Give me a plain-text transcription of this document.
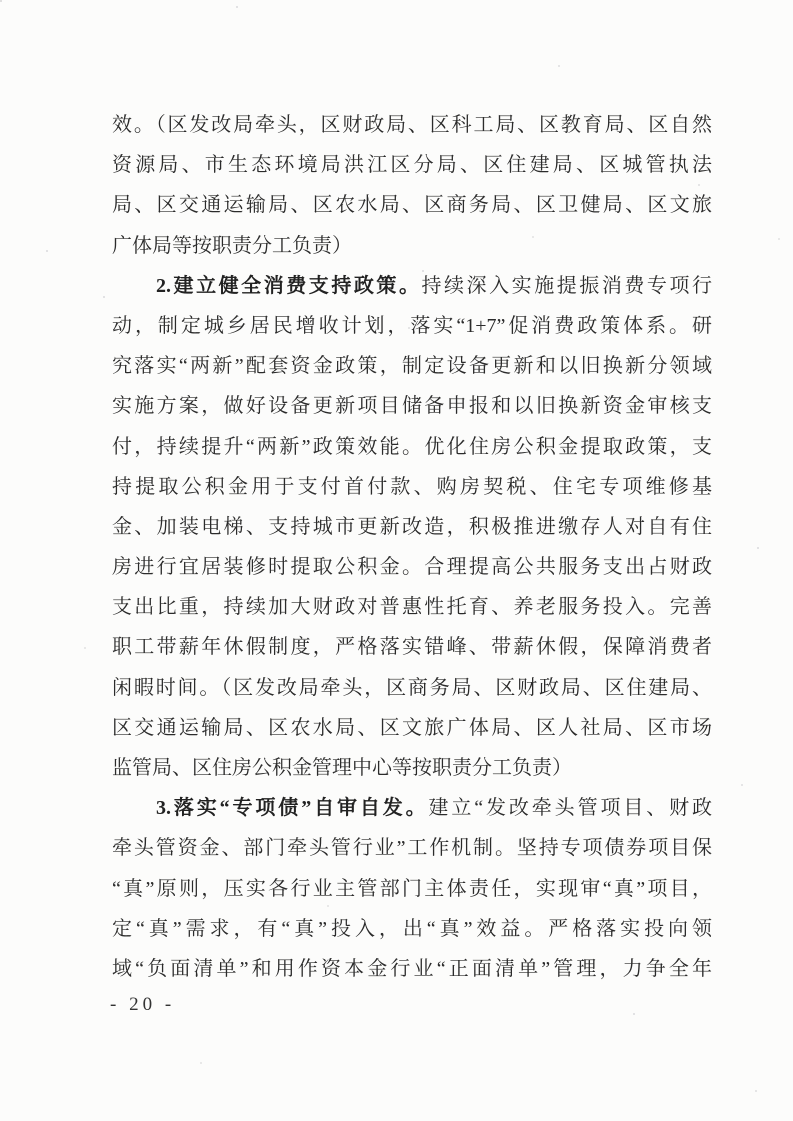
效。（区发改局牵头，区财政局、区科工局、区教育局、区自然
资源局、市生态环境局洪江区分局、区住建局、区城管执法
局、区交通运输局、区农水局、区商务局、区卫健局、区文旅
广体局等按职责分工负责）
2.建立健全消费支持政策。持续深入实施提振消费专项行
动，制定城乡居民增收计划，落实“1+7”促消费政策体系。研
究落实“两新”配套资金政策，制定设备更新和以旧换新分领域
实施方案，做好设备更新项目储备申报和以旧换新资金审核支
付，持续提升“两新”政策效能。优化住房公积金提取政策，支
持提取公积金用于支付首付款、购房契税、住宅专项维修基
金、加装电梯、支持城市更新改造，积极推进缴存人对自有住
房进行宜居装修时提取公积金。合理提高公共服务支出占财政
支出比重，持续加大财政对普惠性托育、养老服务投入。完善
职工带薪年休假制度，严格落实错峰、带薪休假，保障消费者
闲暇时间。（区发改局牵头，区商务局、区财政局、区住建局、
区交通运输局、区农水局、区文旅广体局、区人社局、区市场
监管局、区住房公积金管理中心等按职责分工负责）
3.落实“专项债”自审自发。建立“发改牵头管项目、财政
牵头管资金、部门牵头管行业”工作机制。坚持专项债券项目保
“真”原则，压实各行业主管部门主体责任，实现审“真”项目，
定“真”需求，有“真”投入，出“真”效益。严格落实投向领
域“负面清单”和用作资本金行业“正面清单”管理，力争全年
- 20 -
